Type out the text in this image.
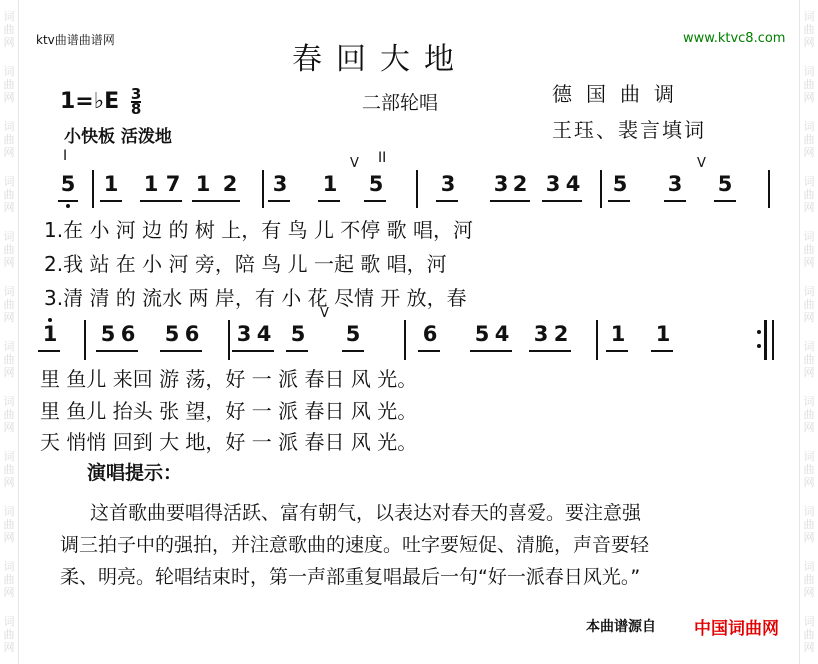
词
曲
网
词
曲
网
词
曲
网
词
曲
网
词
曲
网
词
曲
网
词
曲
网
词
曲
网
词
曲
网
词
曲
网
词
曲
网
词
曲
网
词
曲
网
词
曲
网
词
曲
网
词
曲
网
词
曲
网
词
曲
网
词
曲
网
词
曲
网
词
曲
网
词
曲
网
词
曲
网
词
曲
网
ktv曲谱曲谱网	www.ktvc8.com
春回大地
1=♭E $\frac{3}{8}$	二部轮唱	德国曲调
小快板 活泼地	王珏、裴言填词
I	II
5 1 1 7 1 2 3 1 5	3 3 2 3 4 5 3 5
V	V
1 5 6 5 6 3 4 5 5	6 5 4 3 2 1 1
V
1.在 小 河 边 的 树 上，有 鸟 儿 不停 歌 唱，河
2.我 站 在 小 河 旁，陪 鸟 儿 一起 歌 唱，河
3.清 清 的 流水 两 岸，有 小 花 尽情 开 放，春
里 鱼儿 来回 游 荡，好 一 派 春日 风 光。
里 鱼儿 抬头 张 望，好 一 派 春日 风 光。
天 悄悄 回到 大 地，好 一 派 春日 风 光。
演唱提示：

这首歌曲要唱得活跃、富有朝气，以表达对春天的喜爱。要注意强

调三拍子中的强拍，并注意歌曲的速度。吐字要短促、清脆，声音要轻

柔、明亮。轮唱结束时，第一声部重复唱最后一句“好一派春日风光。”

本曲谱源自 中国词曲网
